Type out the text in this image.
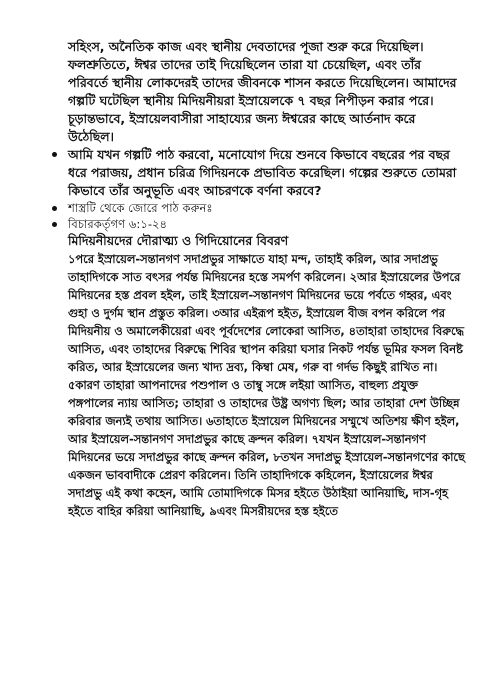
সহিংস, অনৈতিক কাজ এবং স্থানীয় দেবতাদের পূজা শুরু করে দিয়েছিল। ফলশ্রুতিতে, ঈশ্বর তাদের তাই দিয়েছিলেন তারা যা চেয়েছিল, এবং তাঁর পরিবর্তে স্থানীয় লোকদেরই তাদের জীবনকে শাসন করতে দিয়েছিলেন। আমাদের গল্পটি ঘটেছিল স্থানীয় মিদিয়নীয়রা ইস্রায়েলকে ৭ বছর নিপীড়ন করার পরে। চূড়ান্তভাবে, ইস্রায়েলবাসীরা সাহায্যের জন্য ঈশ্বরের কাছে আর্তনাদ করে উঠেছিল।

আমি যখন গল্পটি পাঠ করবো, মনোযোগ দিয়ে শুনবে কিভাবে বছরের পর বছর ধরে পরাজয়, প্রধান চরিত্র গিদিয়নকে প্রভাবিত করেছিল। গল্পের শুরুতে তোমরা কিভাবে তাঁর অনুভূতি এবং আচরণকে বর্ণনা করবে?
শাস্ত্রটি থেকে জোরে পাঠ করুনঃ
বিচারকর্তৃগণ ৬:১-২৪

মিদিয়নীয়দের দৌরাত্ম্য ও গিদিয়োনের বিবরণ

১পরে ইস্রায়েল-সন্তানগণ সদাপ্রভুর সাক্ষাতে যাহা মন্দ, তাহাই করিল, আর সদাপ্রভু তাহাদিগকে সাত বৎসর পর্যন্ত মিদিয়নের হস্তে সমর্পণ করিলেন। ২আর ইস্রায়েলের উপরে মিদিয়নের হস্ত প্রবল হইল, তাই ইস্রায়েল-সন্তানগণ মিদিয়নের ভয়ে পর্বতে গহ্বর, এবং গুহা ও দুর্গম স্থান প্রস্তুত করিল। ৩আর এইরূপ হইত, ইস্রায়েল বীজ বপন করিলে পর মিদিয়নীয় ও অমালেকীয়েরা এবং পূর্বদেশের লোকেরা আসিত, ৪তাহারা তাহাদের বিরুদ্ধে আসিত, এবং তাহাদের বিরুদ্ধে শিবির স্থাপন করিয়া ঘসার নিকট পর্যন্ত ভূমির ফসল বিনষ্ট করিত, আর ইস্রায়েলের জন্য খাদ্য দ্রব্য, কিম্বা মেষ, গরু বা গর্দভ কিছুই রাখিত না। ৫কারণ তাহারা আপনাদের পশুপাল ও তাম্বু সঙ্গে লইয়া আসিত, বাহুল্য প্রযুক্ত পঙ্গপালের ন্যায় আসিত; তাহারা ও তাহাদের উষ্ট্র অগণ্য ছিল; আর তাহারা দেশ উচ্ছিন্ন করিবার জন্যই তথায় আসিত। ৬তাহাতে ইস্রায়েল মিদিয়নের সম্মুখে অতিশয় ক্ষীণ হইল, আর ইস্রায়েল-সন্তানগণ সদাপ্রভুর কাছে ক্রন্দন করিল। ৭যখন ইস্রায়েল-সন্তানগণ মিদিয়নের ভয়ে সদাপ্রভুর কাছে ক্রন্দন করিল, ৮তখন সদাপ্রভু ইস্রায়েল-সন্তানগণের কাছে একজন ভাববাদীকে প্রেরণ করিলেন। তিনি তাহাদিগকে কহিলেন, ইস্রায়েলের ঈশ্বর সদাপ্রভু এই কথা কহেন, আমি তোমাদিগকে মিসর হইতে উঠাইয়া আনিয়াছি, দাস-গৃহ হইতে বাহির করিয়া আনিয়াছি, ৯এবং মিসরীয়দের হস্ত হইতে
